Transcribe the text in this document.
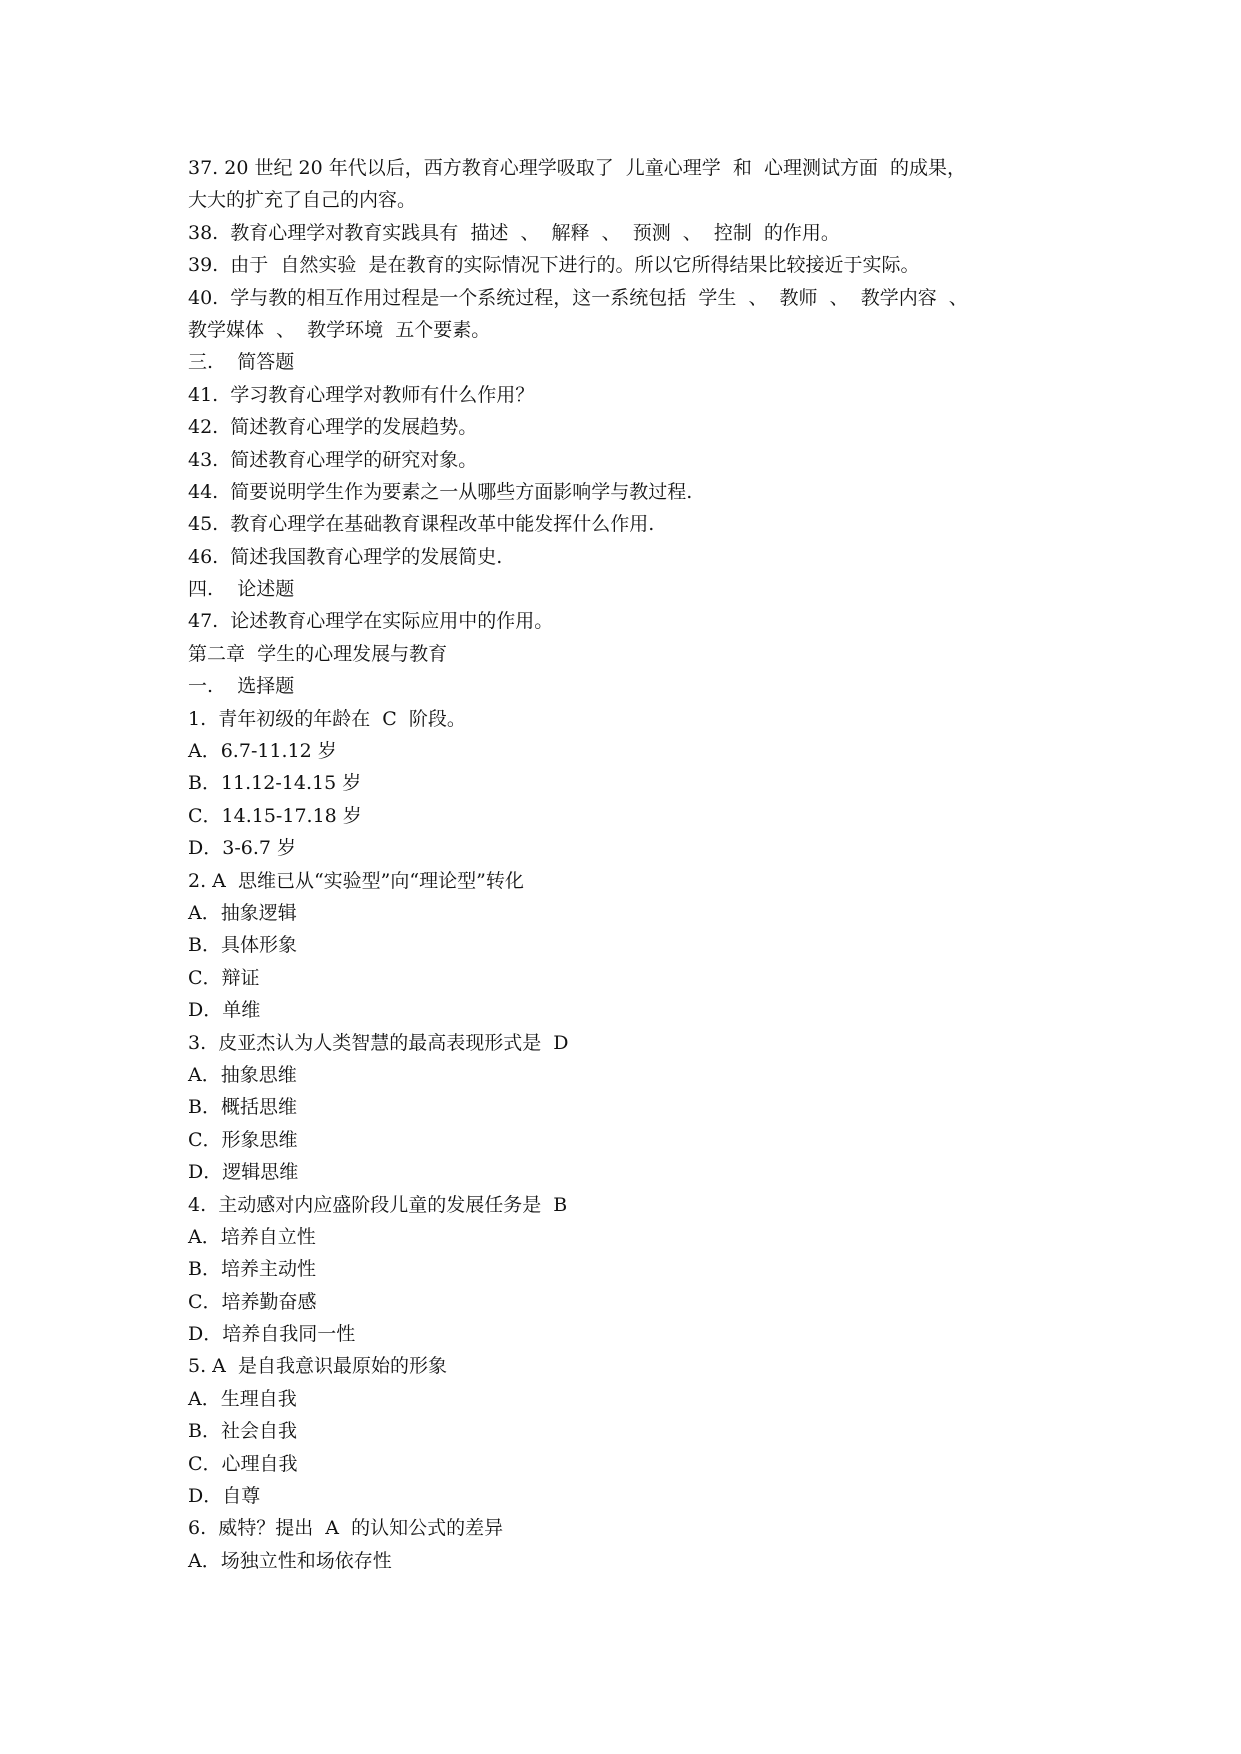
37. 20 世纪 20 年代以后，西方教育心理学吸取了  儿童心理学  和  心理测试方面  的成果，
大大的扩充了自己的内容。
38.  教育心理学对教育实践具有  描述  、  解释  、  预测  、  控制  的作用。
39.  由于  自然实验  是在教育的实际情况下进行的。所以它所得结果比较接近于实际。
40.  学与教的相互作用过程是一个系统过程，这一系统包括  学生  、  教师  、  教学内容  、
教学媒体  、  教学环境  五个要素。
三.    简答题
41.  学习教育心理学对教师有什么作用？
42.  简述教育心理学的发展趋势。
43.  简述教育心理学的研究对象。
44.  简要说明学生作为要素之一从哪些方面影响学与教过程.
45.  教育心理学在基础教育课程改革中能发挥什么作用.
46.  简述我国教育心理学的发展简史.
四.    论述题
47.  论述教育心理学在实际应用中的作用。
第二章  学生的心理发展与教育
一.    选择题
1.  青年初级的年龄在  C  阶段。
A．6.7-11.12 岁
B．11.12-14.15 岁
C．14.15-17.18 岁
D．3-6.7 岁
2. A  思维已从“实验型”向“理论型”转化
A．抽象逻辑
B．具体形象
C．辩证
D．单维
3.  皮亚杰认为人类智慧的最高表现形式是  D
A．抽象思维
B．概括思维
C．形象思维
D．逻辑思维
4.  主动感对内应盛阶段儿童的发展任务是  B
A．培养自立性
B．培养主动性
C．培养勤奋感
D．培养自我同一性
5. A  是自我意识最原始的形象
A．生理自我
B．社会自我
C．心理自我
D．自尊
6.  威特？提出  A  的认知公式的差异
A．场独立性和场依存性
